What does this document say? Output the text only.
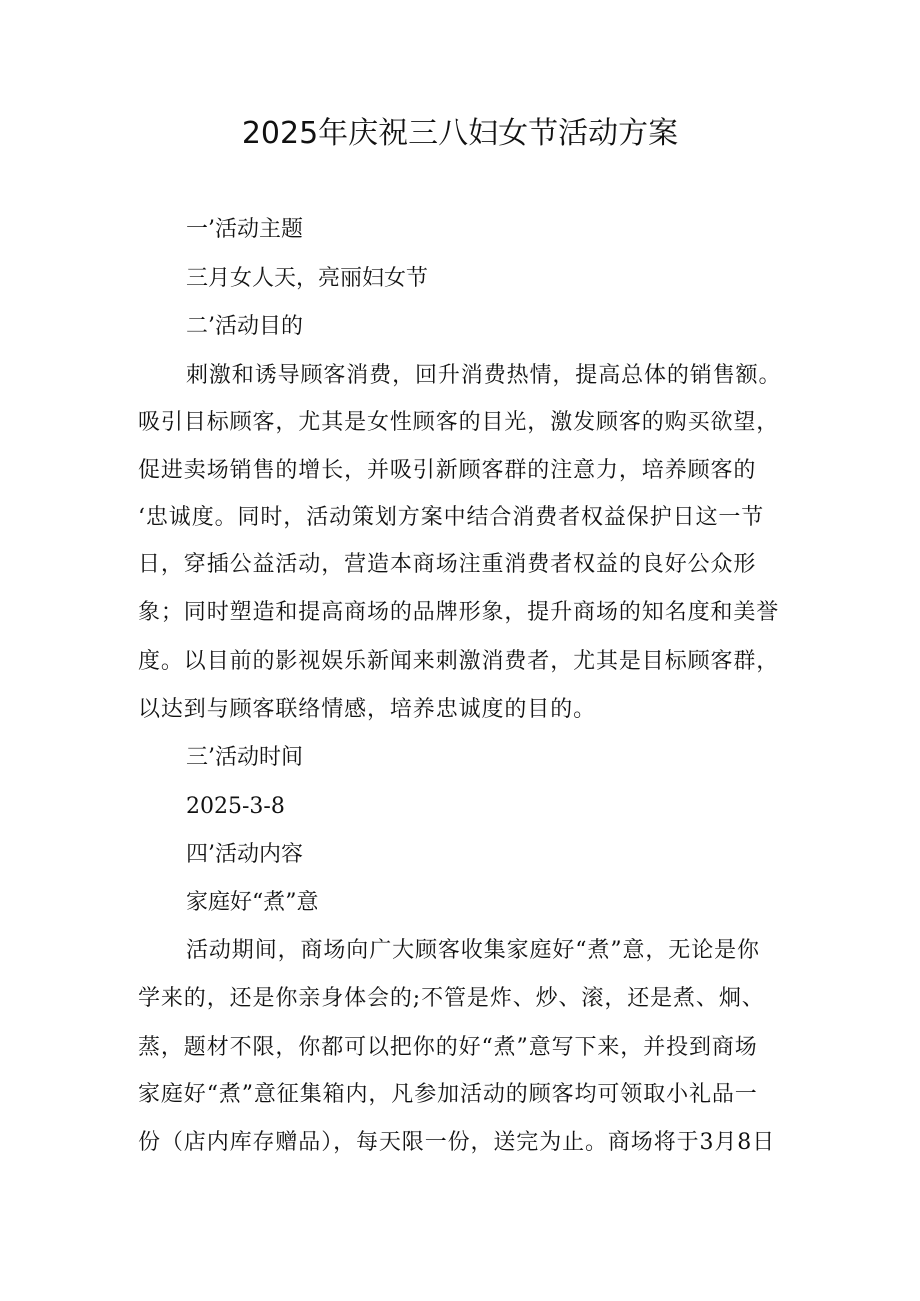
2025年庆祝三八妇女节活动方案
一’活动主题
三月女人天，亮丽妇女节
二’活动目的
刺激和诱导顾客消费，回升消费热情，提高总体的销售额。
吸引目标顾客，尤其是女性顾客的目光，激发顾客的购买欲望，
促进卖场销售的增长，并吸引新顾客群的注意力，培养顾客的
‘忠诚度。同时，活动策划方案中结合消费者权益保护日这一节
日，穿插公益活动，营造本商场注重消费者权益的良好公众形
象；同时塑造和提高商场的品牌形象，提升商场的知名度和美誉
度。以目前的影视娱乐新闻来刺激消费者，尤其是目标顾客群，
以达到与顾客联络情感，培养忠诚度的目的。
三’活动时间
2025-3-8
四’活动内容
家庭好“煮”意
活动期间，商场向广大顾客收集家庭好“煮”意，无论是你
学来的，还是你亲身体会的;不管是炸、炒、滚，还是煮、炯、
蒸，题材不限，你都可以把你的好“煮”意写下来，并投到商场
家庭好“煮”意征集箱内，凡参加活动的顾客均可领取小礼品一
份（店内库存赠品），每天限一份，送完为止。商场将于3月8日
